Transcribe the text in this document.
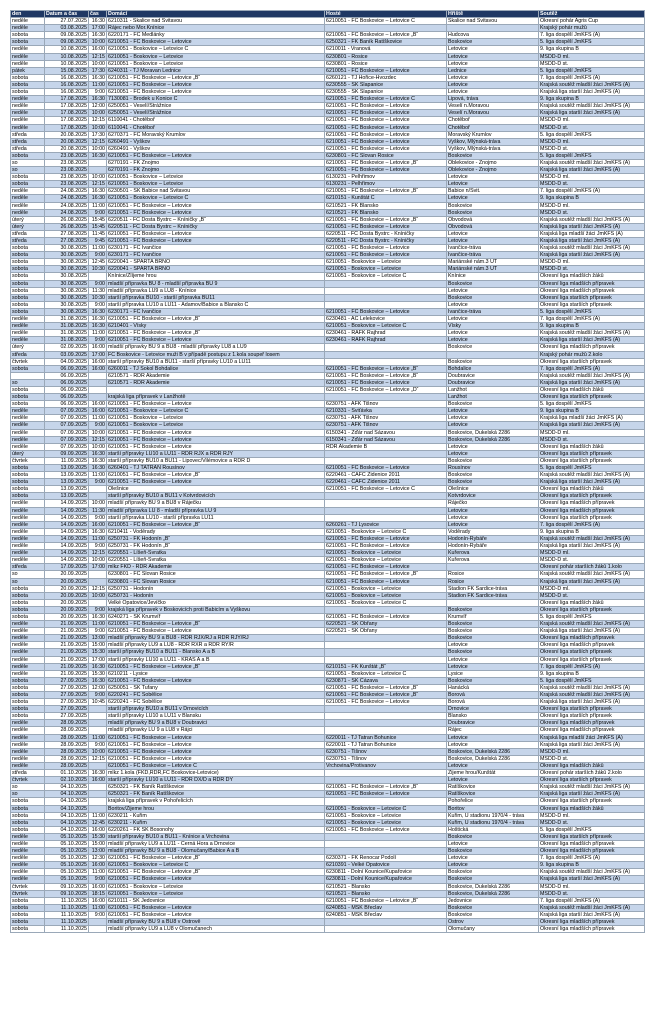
den	Datum a čas	čas	Domácí	Hosté	Hřiště	Soutěž
neděle	27.07.2025	16:30	6210311 - Skalice nad Svitavou	6210051 - FC Boskovice – Letovice C	Skalice nad Svitavou	Okresní pohár Agris Cup
neděle	03.08.2025	17:00	Rájec nebo Mor.Knínice			Krajský pohár mužů
sobota	09.08.2025	16:30	6220171 - FC Medlánky	6210051 - FC Boskovice – Letovice „B“	Hudcova	7. liga dospělí JmKFS (A)
sobota	09.08.2025	10:00	6210051 - FC Boskovice – Letovice	6250321 - FK Baník Ratíškovice	Boskovice	5. liga dospělí JmKFS
neděle	10.08.2025	16:00	6210051 - Boskovice – Letovice C	6210011 - Vranová	Letovice	9. liga skupina B
neděle	10.08.2025	12:15	6210051 - Boskovice – Letovice	6230801 - Rosice	Letovice	MSDD-D ml.
neděle	10.08.2025	10:00	6210051 - Boskovice – Letovice	6230801 - Rosice	Letovice	MSDD-D st.
pátek	15.08.2025	17:30	6240311 - TJ Moravan Lednice	6210051 - FC Boskovice – Letovice	Lednice	5. liga dospělí JmKFS
sobota	16.08.2025	16:30	6210051 - FC Boskovice – Letovice „B“	6260121 - TJ Hořice-Hvozdec	Letovice	7. liga dospělí JmKFS (A)
sobota	16.08.2025	11:00	6210051 - FC Boskovice – Letovice	6230555 - SK Šlapanice	Letovice	Krajská soutěž mladší žáci JmKFS (A)
sobota	16.08.2025	9:00	6210051 - FC Boskovice – Letovice	6230555 - SK Šlapanice	Letovice	Krajská liga starší žáci JmKFS (A)
neděle	17.08.2025	16:30	7130081 - Brodek u Konice C	6210051 - FC Boskovice – Letovice C	Lipová, tráva	9. liga skupina B
neděle	17.08.2025	12:00	6250051 - Veselí/Strážnice	6210051 - FC Boskovice – Letovice	Veselí n.Moravou	Krajská soutěž mladší žáci JmKFS (A)
neděle	17.08.2025	10:00	6250051 - Veselí/Strážnice	6210051 - FC Boskovice – Letovice	Veselí n.Moravou	Krajská liga starší žáci JmKFS (A)
neděle	17.08.2025	12:15	6110041 - Chotěboř	6210051 - FC Boskovice – Letovice	Chotěboř	MSDD-D ml.
neděle	17.08.2025	10:00	6110041 - Chotěboř	6210051 - FC Boskovice – Letovice	Chotěboř	MSDD-D st.
středa	20.08.2025	17:30	6270371 - FC Moravský Krumlov	6210051 - FC Boskovice – Letovice	Moravský Krumlov	5. liga dospělí JmKFS
středa	20.08.2025	12:15	6260491 - Vyškov	6210051 - FC Boskovice – Letovice	Vyškov, Mlýnská-tráva	MSDD-D ml.
středa	20.08.2025	10:00	6260491 - Vyškov	6210051 - FC Boskovice – Letovice	Vyškov, Mlýnská-tráva	MSDD-D st.
sobota	23.08.2025	16:30	6210051 - FC Boskovice – Letovice	6230801 - FC Slovan Rosice	Boskovice	5. liga dospělí JmKFS
so	23.08.2025		6270191 - FK Znojmo	6210051 - FC Boskovice – Letovice „B“	Oblekovice - Znojmo	Krajská soutěž mladší žáci JmKFS (A)
so	23.08.2025		6270191 - FK Znojmo	6210051 - FC Boskovice – Letovice	Oblekovice - Znojmo	Krajská liga starší žáci JmKFS (A)
sobota	23.08.2025	10:00	6210051 - Boskovice – Letovice	6130231 - Pelhřimov	Letovice	MSDD-D ml.
sobota	23.08.2025	12:15	6210051 - Boskovice – Letovice	6130231 - Pelhřimov	Letovice	MSDD-D st.
neděle	24.08.2025	16:30	6230501 - SK Babice nad Svitavou	6210051 - FC Boskovice – Letovice „B“	Babice n/Svit.	7. liga dospělí JmKFS (A)
neděle	24.08.2025	16:30	6210051 - Boskovice – Letovice C	6210151 - Kunštát C	Letovice	9. liga skupina B
neděle	24.08.2025	11:00	6210051 - FC Boskovice – Letovice	6210521 - FK Blansko	Boskovice	MSDD-D ml.
neděle	24.08.2025	9:00	6210051 - FC Boskovice – Letovice	6210521 - FK Blansko	Boskovice	MSDD-D st.
úterý	26.08.2025	15:45	6220511 - FC Dosta Bystrc – Kníničky „B“	6210051 - FC Boskovice – Letovice „B“	Obvodová	Krajská soutěž mladší žáci JmKFS (A)
úterý	26.08.2025	15:45	6220511 - FC Dosta Bystrc – Kníničky	6210051 - FC Boskovice – Letovice	Obvodová	Krajská liga starší žáci JmKFS (A)
středa	27.08.2025	11:45	6210051 - FC Boskovice – Letovice	6220511 - FC Dosta Bystrc - Kníničky	Letovice	Krajská liga mladší žáci JmKFS (A)
středa	27.08.2025	9:45	6210051 - FC Boskovice – Letovice	6220511 - FC Dosta Bystrc - Kníničky	Letovice	Krajská liga starší žáci JmKFS (A)
sobota	30.08.2025	11:00	6230171 - FC Ivančice	6210051 - FC Boskovice – Letovice	Ivančice-tráva	Krajská soutěž mladší žáci JmKFS (A)
sobota	30.08.2025	9:00	6230171 - FC Ivančice	6210051 - FC Boskovice – Letovice	Ivančice-tráva	Krajská liga starší žáci JmKFS (A)
sobota	30.08.2025	12:45	6220041 - SPARTA BRNO	6210051 - Boskovice – Letovice	Mariánské nám.3 UT	MSDD-D ml.
sobota	30.08.2025	10:30	6220041 - SPARTA BRNO	6210051 - Boskovice – Letovice	Mariánské nám.3 UT	MSDD-D st.
sobota	30.08.2025		Knínice/Zlíjeme hrou	6210051 - Boskovice – Letovice C	Knínice	Okresní liga mladších žáků
sobota	30.08.2025	9:00	mladší přípravka BU 8 - mladší přípravka BU 9		Boskovice	Okresní liga mladších přípravek
sobota	30.08.2025	11:30	mladší přípravka LU9 a LU8 - Knínice		Letovice	Okresní liga mladších přípravek
sobota	30.08.2025	10:30	starší přípravka BU10 - starší přípravka BU11		Boskovice	Okresní liga starších přípravek
sobota	30.08.2025	9:00	starší přípravka LU10 a LU11 - Adamov/Babice a Blansko C		Letovice	Okresní liga starších přípravek
sobota	30.08.2025	16:30	6230171 - FC Ivančice	6210051 - FC Boskovice – Letovice	Ivančice-tráva	5. liga dospělí JmKFS
neděle	31.08.2025	16:30	6210051 - FC Boskovice – Letovice „B“	6230481 - AC Lelekovice	Letovice	7. liga dospělí JmKFS (A)
neděle	31.08.2025	16:30	6210401 - Vísky	6210051 - Boskovice – Letovice C	Vísky	9. liga skupina B
neděle	31.08.2025	11:00	6210051 - FC Boskovice – Letovice „B“	6230461 - RAFK Rajhrad	Letovice	Krajská soutěž mladší žáci JmKFS (A)
neděle	31.08.2025	9:00	6210051 - FC Boskovice – Letovice	6230461 - RAFK Rajhrad	Letovice	Krajská liga starší žáci JmKFS (A)
úterý	02.09.2025	16:00	mladší přípravky BU 9 a BU8 - mladší přípravky LU8 a LU9		Boskovice	Okresní liga mladších přípravek
středa	03.09.2025	17:00	FC Boskovice - Letovice muži B v případě postupu z 1.kola soupeř losem			Krajský pohár mužů 2.kolo
čtvrtek	04.09.2025	16:00	starší přípravky BU10 a BU11 - starší přípravky LU10 a LU11		Boskovice	Okresní liga starších přípravek
sobota	06.09.2025	16:00	6260011 - TJ Sokol Bohdalice	6210051 - FC Boskovice – Letovice „B“	Bohdalice	7. liga dospělí JmKFS (A)
	06.09.2025		6210571 - RDR Akademie	6210051 - FC Boskovice – Letovice „B“	Doubravice	Krajská soutěž mladší žáci JmKFS (A)
so	06.09.2025		6210571 - RDR Akademie	6210051 - FC Boskovice – Letovice	Doubravice	Krajská liga starší žáci JmKFS (A)
sobota	06.09.2025			6210051 - FC Boskovice – Letovice „D“	Lanžhot	Okresní liga mladších žáků
sobota	06.09.2025		krajská liga přípravek v Lanžhotě		Lanžhot	Okresní liga starších přípravek
sobota	06.09.2025	16:00	6210051 - FC Boskovice – Letovice	6230751 - AFK Tišnov	Boskovice	5. liga dospělí JmKFS
neděle	07.09.2025	16:00	6210051 - Boskovice – Letovice C	6210331 - Sviťávka	Letovice	9. liga skupina B
neděle	07.09.2025	11:00	6210051 - Boskovice – Letovice	6230751 - AFK Tišnov	Letovice	Krajská liga mladší žáci JmKFS (A)
neděle	07.09.2025	9:00	6210051 - Boskovice – Letovice	6230751 - AFK Tišnov	Letovice	Krajská liga starší žáci JmKFS (A)
neděle	07.09.2025	10:00	6210051 - FC Boskovice – Letovice	6150341 - Žďár nad Sázavou	Boskovice, Dukelská 2286	MSDD-D ml.
neděle	07.09.2025	12:15	6210051 - FC Boskovice – Letovice	6150341 - Žďár nad Sázavou	Boskovice, Dukelská 2286	MSDD-D st.
neděle	07.09.2025	10:00	6210051 - FC Boskovice – Letovice	RDR Akademie B	Letovice	Okresní liga mladších žáků
úterý	09.09.2025	16:30	starší přípravky LU10 a LU11 - RDR RJX a RDR RJY		Letovice	Okresní liga starších přípravek
čtvrtek	11.09.2025	16:30	starší přípravky BU10 a BU11 - Lipovec/Vilémovice a RDR D		Boskovice	Okresní liga starších přípravek
sobota	13.09.2025	16:30	6260401 - TJ TATRAN Rousínov	6210051 - FC Boskovice – Letovice	Rousínov	5. liga dospělí JmKFS
sobota	13.09.2025	11:00	6210051 - FC Boskovice – Letovice „B“	6220461 - ČAFC Židenice 2011	Boskovice	Krajská soutěž mladší žáci JmKFS (A)
sobota	13.09.2025	9:00	6210051 - FC Boskovice – Letovice	6220461 - ČAFC Židenice 2011	Boskovice	Krajská liga starší žáci JmKFS (A)
sobota	13.09.2025		Olešnice	6210051 - FC Boskovice – Letovice C	Olešnice	Okresní liga mladších žáků
sobota	13.09.2025		starší přípravky BU10 a BU11 v Kotvrdovicích		Kotvrdovice	Okresní liga starších přípravek
neděle	14.09.2025	10:00	mladší přípravky BU 9 a BU8 v Ráječku		Ráječko	Okresní liga mladších přípravek
neděle	14.09.2025	11:30	mladší přípravka LU 8 - mladší přípravka LU 9		Letovice	Okresní liga mladších přípravek
neděle	14.09.2025	9:00	starší přípravka LU10 - starší přípravka LU11		Letovice	Okresní liga starších přípravek
neděle	14.09.2025	16:00	6210051 - FC Boskovice – Letovice „B“	6260261 - TJ Lysovice	Letovice	7. liga dospělí JmKFS (A)
neděle	14.09.2025	16:30	6210411 - Voděrady	6210051 - Boskovice – Letovice C	Voděrady	9. liga skupina B
neděle	14.09.2025	11:00	6250731 - FK Hodonín „B“	6210051 - FC Boskovice – Letovice	Hodonín-Rybáře	Krajská soutěž mladší žáci JmKFS (A)
neděle	14.09.2025	9:00	6250731 - FK Hodonín „B“	6210051 - FC Boskovice – Letovice	Hodonín-Rybáře	Krajská liga starší žáci JmKFS (A)
neděle	14.09.2025	12:15	6220551 - Líšeň-Svratka	6210051 - Boskovice – Letovice	Kuřerova	MSDD-D ml.
neděle	14.09.2025	10:00	6220551 - Líšeň-Svratka	6210051 - Boskovice – Letovice	Kuřerova	MSDD-D st.
středa	17.09.2025	17:00	mlkz FKD - RDR Akademie	6210051 - FC Boskovice – Letovice		Okresní pohár starších žáků 1.kolo
so	20.09.2025		6230801 - FC Slovan Rosice	6210051 - FC Boskovice – Letovice „B“	Rosice	Krajská soutěž mladší žáci JmKFS (A)
so	20.09.2025		6230801 - FC Slovan Rosice	6210051 - FC Boskovice – Letovice	Rosice	Krajská liga starší žáci JmKFS (A)
sobota	20.09.2025	12:15	6250731 - Hodonín	6210051 - Boskovice – Letovice	Stadion FK Šardice-tráva	MSDD-D ml.
sobota	20.09.2025	10:00	6250731 - Hodonín	6210051 - Boskovice – Letovice	Stadion FK Šardice-tráva	MSDD-D st.
sobota	20.09.2025		Velké Opatovice/Jevíčko	6210051 - Boskovice – Letovice C		Okresní liga mladších žáků
sobota	20.09.2025	9:00	krajská liga přípravek v Boskovicích proti Babicím a Vyškovu		Boskovice	Okresní liga starších přípravek
sobota	20.09.2025	16:30	6240271 - SK Krumvíř	6210051 - FC Boskovice – Letovice	Krumvíř	5. liga dospělí JmKFS
neděle	21.09.2025	11:00	6210051 - FC Boskovice – Letovice „B“	6220521 - SK Obřany	Boskovice	Krajská soutěž mladší žáci JmKFS (A)
neděle	21.09.2025	9:00	6210051 - FC Boskovice – Letovice	6220521 - SK Obřany	Boskovice	Krajská liga starší žáci JmKFS (A)
neděle	21.09.2025	13:00	mladší přípravky BU 9 a BU8 - RDR RJX/RJ a RDR RJY/RJ		Boskovice	Okresní liga mladších přípravek
neděle	21.09.2025	15:00	mladší přípravky LU9 a LU8 - RDR RXR a RDR RY/R		Letovice	Okresní liga mladších přípravek
neděle	21.09.2025	15:30	starší přípravky BU10 a BU11 - Blansko A a B		Boskovice	Okresní liga starších přípravek
neděle	21.09.2025	17:00	starší přípravky LU10 a LU11 - KRAS A a B		Letovice	Okresní liga starších přípravek
neděle	21.09.2025	16:30	6210051 - FC Boskovice – Letovice „B“	6210151 - FK Kunštát „B“	Letovice	7. liga dospělí JmKFS (A)
neděle	21.09.2025	15:30	6210211 - Lysice	6210051 - Boskovice – Letovice C	Lysice	9. liga skupina B
sobota	27.09.2025	16:30	6210051 - FC Boskovice – Letovice	6230871 - SK Cázava	Boskovice	5. liga dospělí JmKFS
sobota	27.09.2025	12:00	6250051 - SK Tufany	6210051 - FC Boskovice – Letovice „B“	Hanácká	Krajská soutěž mladší žáci JmKFS (A)
sobota	27.09.2025	9:00	6220241 - FC Sobělice	6210051 - FC Boskovice – Letovice „B“	Borová	Krajská soutěž mladší žáci JmKFS (A)
sobota	27.09.2025	10:45	6220241 - FC Sobělice	6210051 - FC Boskovice – Letovice	Borová	Krajská liga starší žáci JmKFS (A)
sobota	27.09.2025		starší přípravky BU10 a BU11 v Drnovicích		Drnovice	Okresní liga starších přípravek
sobota	27.09.2025		starší přípravky LU10 a LU11 v Blansku		Blansko	Okresní liga starších přípravek
neděle	28.09.2025		mladší přípravky BU 9 a BU8 v Doubravici		Doubravice	Okresní liga mladších přípravek
neděle	28.09.2025		mladší přípravky LU 9 a LU8 v Rájci		Rájec	Okresní liga mladších přípravek
neděle	28.09.2025	11:00	6210051 - FC Boskovice – Letovice	6220011 - TJ Tatran Bohunice	Letovice	Krajská liga mladší žáci JmKFS (A)
neděle	28.09.2025	9:00	6210051 - FC Boskovice – Letovice	6220011 - TJ Tatran Bohunice	Letovice	Krajská liga starší žáci JmKFS (A)
neděle	28.09.2025	10:00	6210051 - FC Boskovice – Letovice	6230751 - Tišnov	Boskovice, Dukelská 2286	MSDD-D ml.
neděle	28.09.2025	12:15	6210051 - FC Boskovice – Letovice	6230751 - Tišnov	Boskovice, Dukelská 2286	MSDD-D st.
neděle	28.09.2025		6210051 - FC Boskovice – Letovice C	Vrchovina/Protivanov	Letovice	Okresní liga mladších žáků
středa	01.10.2025	16:30	mlkz 1.kola (FKD,RDR,FC Boskovice-Letovice)		Žijeme hrou/Kunštát	Okresní pohár starších žáků 2.kolo
čtvrtek	02.10.2025	16:00	starší přípravky LU10 a LU11 - RDR DX/D a RDR DY		Letovice	Okresní liga starších přípravek
so	04.10.2025		6250321 - FK Baník Ratíškovice	6210051 - FC Boskovice – Letovice „B“	Ratíškovice	Krajská soutěž mladší žáci JmKFS (A)
so	04.10.2025		6250321 - FK Baník Ratíškovice	6210051 - FC Boskovice – Letovice	Ratíškovice	Krajská liga starší žáci JmKFS (A)
sobota	04.10.2025		krajská liga přípravek v Pohořelicích		Pohořelice	Okresní liga starších přípravek
sobota	04.10.2025		Boritov/Žijeme hrou	6210051 - Boskovice – Letovice C	Boritov	Okresní liga mladších žáků
sobota	04.10.2025	11:00	6230211 - Kuřim	6210051 - Boskovice – Letovice	Kuřim, U stadionu 1970/4 - tráva	MSDD-D ml.
sobota	04.10.2025	12:45	6230211 - Kuřim	6210051 - Boskovice – Letovice	Kuřim, U stadionu 1970/4 - tráva	MSDD-D st.
sobota	04.10.2025	16:00	6220261 - FK SK Bosonohy	6210051 - FC Boskovice – Letovice	Hoštická	5. liga dospělí JmKFS
neděle	05.10.2025	15:30	starší přípravky BU10 a BU11 - Knínice a Vrchovina		Boskovice	Okresní liga starších přípravek
neděle	05.10.2025	15:00	mladší přípravky LU9 a LU11 - Černá Hora a Drnovice		Letovice	Okresní liga mladších přípravek
neděle	05.10.2025	13:00	mladší přípravky BU 9 a BU8 - Olomučany/Babice A a B		Boskovice	Okresní liga mladších přípravek
neděle	05.10.2025	12:30	6210051 - FC Boskovice – Letovice „B“	6230371 - FK Renocar Podolí	Letovice	7. liga dospělí JmKFS (A)
neděle	05.10.2025	16:00	6210051 - Boskovice – Letovice C	6210391 - Velké Opatovice	Letovice	9. liga skupina B
neděle	05.10.2025	11:00	6210051 - FC Boskovice – Letovice „B“	6230811 - Dolní Kounice/Kupařovice	Boskovice	Krajská soutěž mladší žáci JmKFS (A)
neděle	05.10.2025	9:00	6210051 - FC Boskovice – Letovice	6230811 - Dolní Kounice/Kupařovice	Boskovice	Krajská liga starší žáci JmKFS (A)
čtvrtek	09.10.2025	16:00	6210051 - Boskovice – Letovice	6210521 - Blansko	Boskovice, Dukelská 2286	MSDD-D ml.
čtvrtek	09.10.2025	18:15	6210051 - Boskovice – Letovice	6210521 - Blansko	Boskovice, Dukelská 2286	MSDD-D st.
sobota	11.10.2025	16:00	6210111 - SK Jedovnice	6210051 - FC Boskovice – Letovice „B“	Jedovnice	7. liga dospělí JmKFS (A)
sobota	11.10.2025	11:00	6210051 - FC Boskovice – Letovice	6240851 - MSK Břeclav	Boskovice	Krajská soutěž mladší žáci JmKFS (A)
sobota	11.10.2025	9:00	6210051 - FC Boskovice – Letovice	6240851 - MSK Břeclav	Boskovice	Krajská liga starší žáci JmKFS (A)
sobota	11.10.2025		mladší přípravky BU 9 a BU8 v Ostrově		Ostrov	Okresní liga mladších přípravek
sobota	11.10.2025		mladší přípravky LU9 a LU8 v Olomučanech		Olomučany	Okresní liga mladších přípravek
